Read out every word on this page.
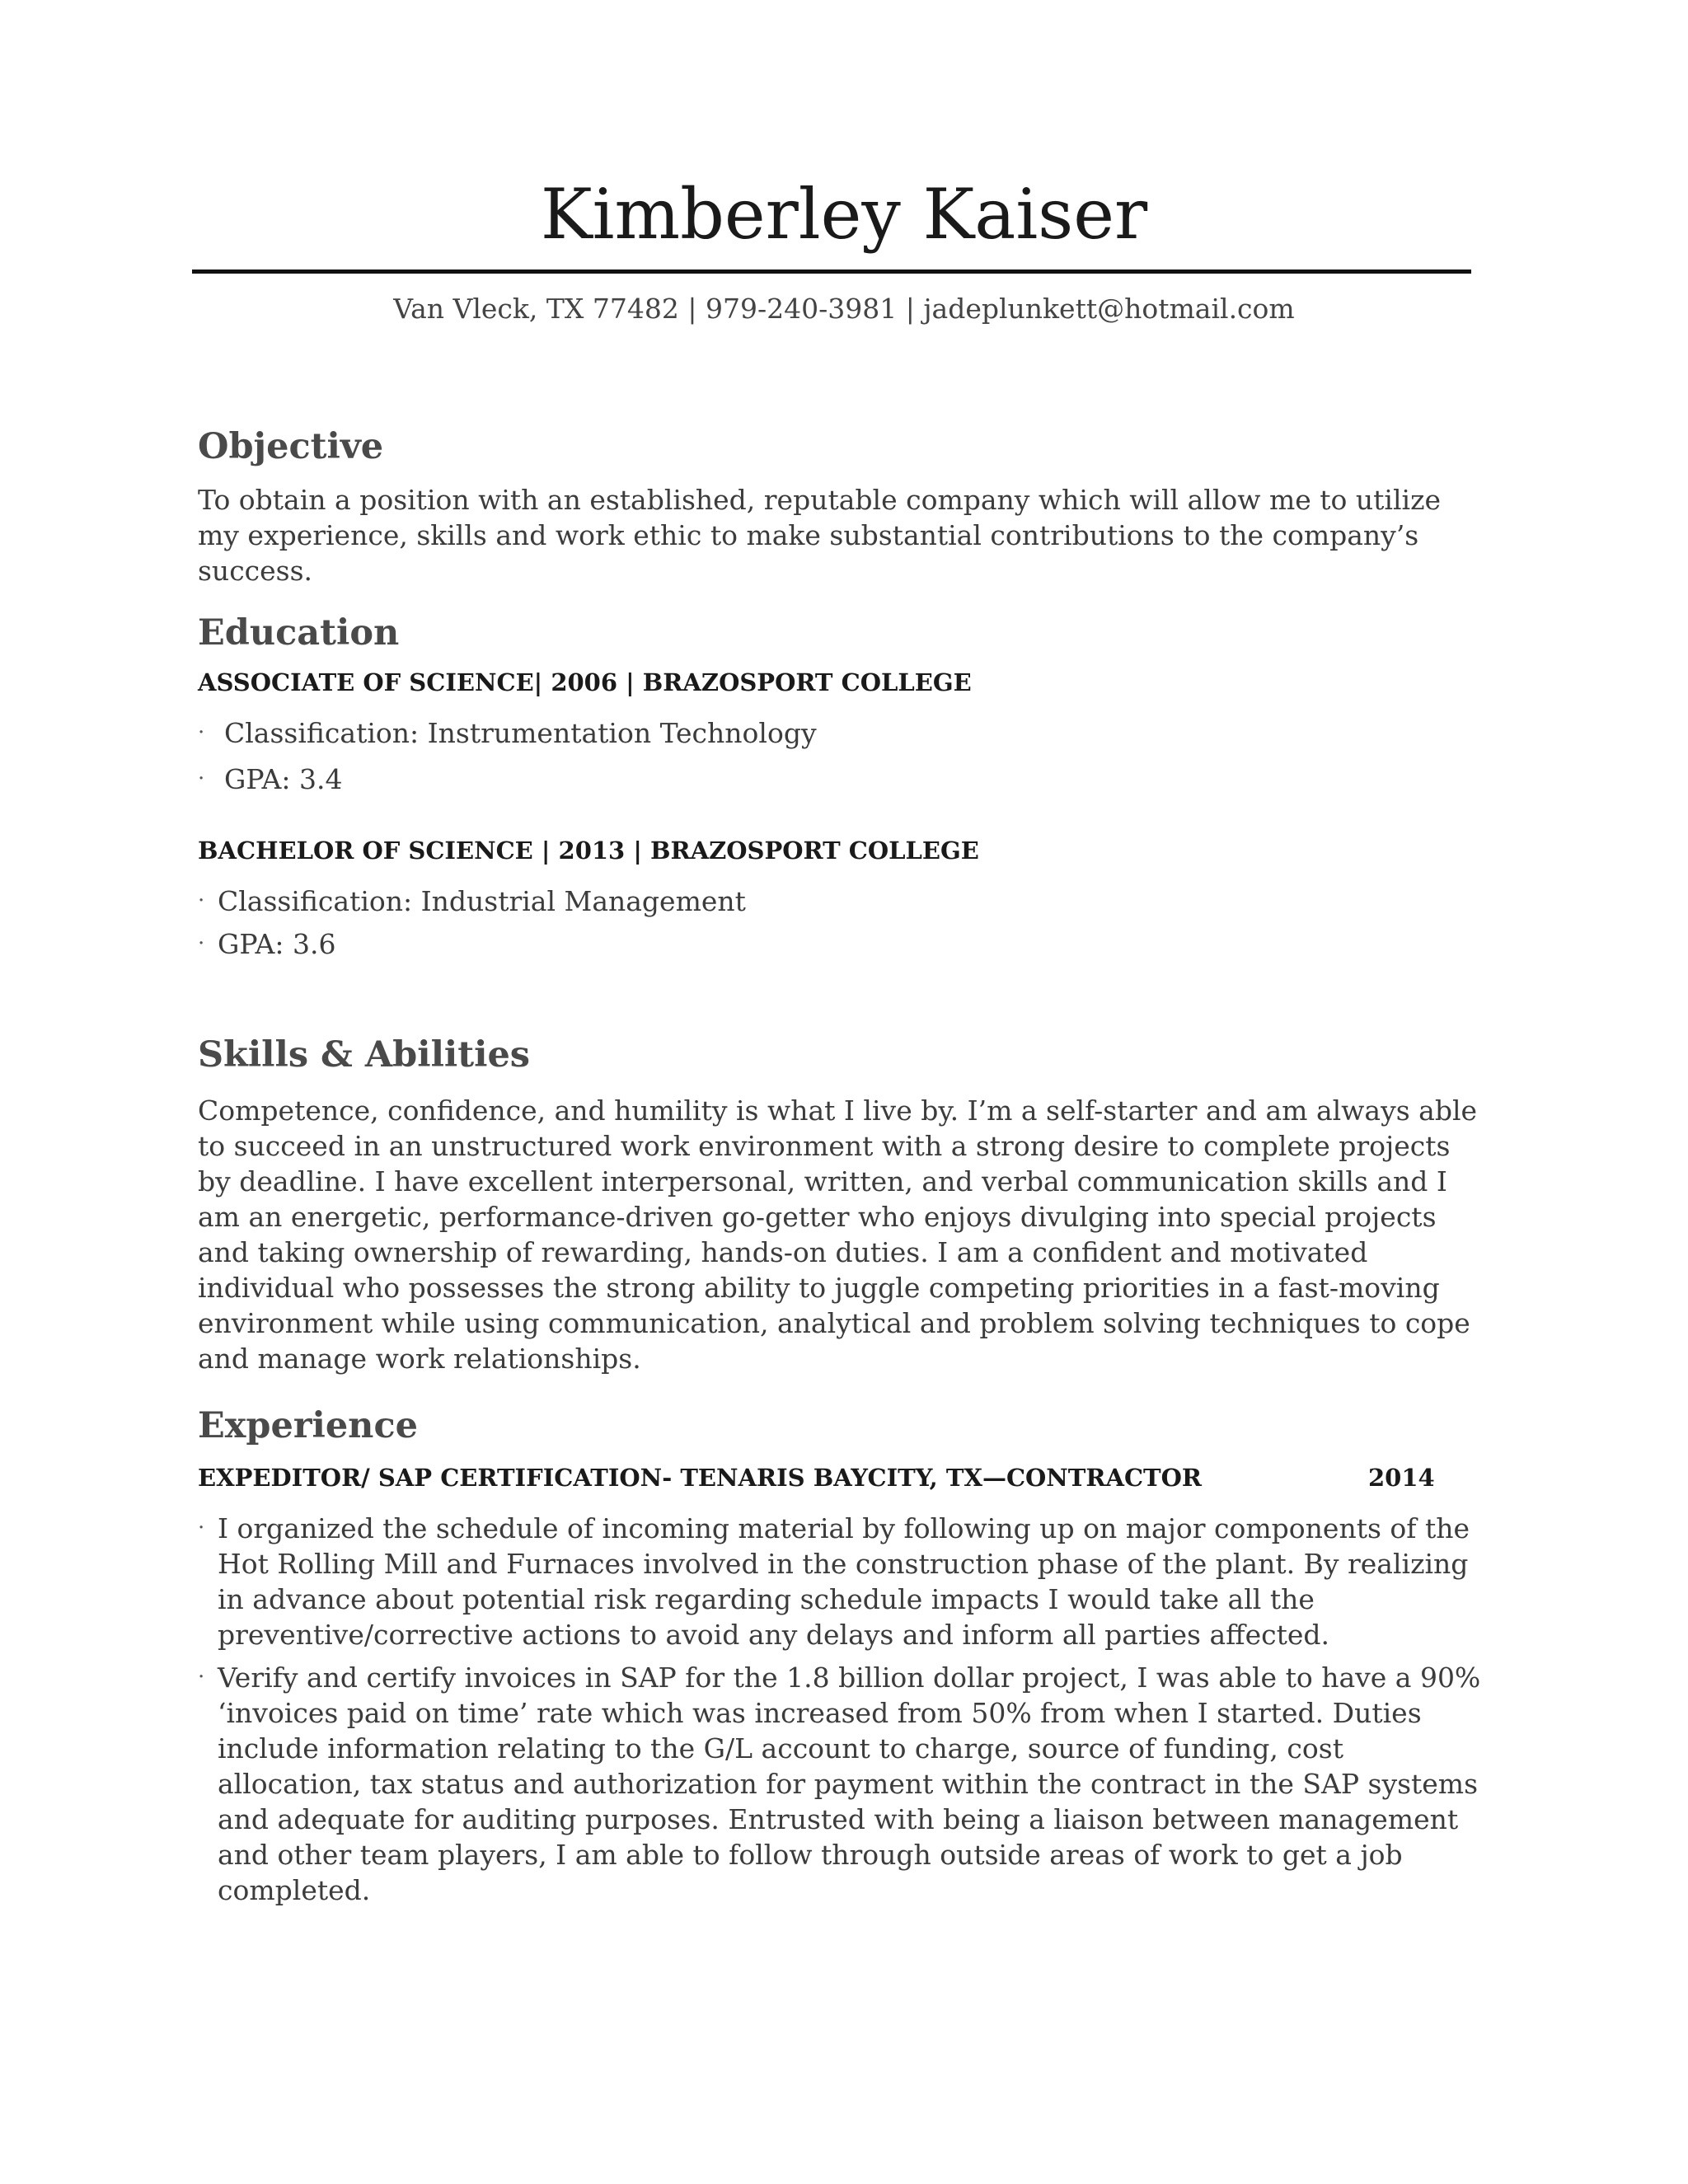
Kimberley Kaiser
Van Vleck, TX 77482 | 979-240-3981 | jadeplunkett@hotmail.com
Objective

To obtain a position with an established, reputable company which will allow me to utilize my experience, skills and work ethic to make substantial contributions to the company’s success.

Education
ASSOCIATE OF SCIENCE| 2006 | BRAZOSPORT COLLEGE
· Classification: Instrumentation Technology
· GPA: 3.4
BACHELOR OF SCIENCE | 2013 | BRAZOSPORT COLLEGE
· Classification: Industrial Management
· GPA: 3.6
Skills & Abilities

Competence, confidence, and humility is what I live by. I’m a self-starter and am always able to succeed in an unstructured work environment with a strong desire to complete projects by deadline. I have excellent interpersonal, written, and verbal communication skills and I am an energetic, performance-driven go-getter who enjoys divulging into special projects and taking ownership of rewarding, hands-on duties. I am a confident and motivated individual who possesses the strong ability to juggle competing priorities in a fast-moving environment while using communication, analytical and problem solving techniques to cope and manage work relationships.

Experience
EXPEDITOR/ SAP CERTIFICATION- TENARIS BAYCITY, TX—CONTRACTOR	2014
· I organized the schedule of incoming material by following up on major components of the Hot Rolling Mill and Furnaces involved in the construction phase of the plant. By realizing in advance about potential risk regarding schedule impacts I would take all the preventive/corrective actions to avoid any delays and inform all parties affected.
· Verify and certify invoices in SAP for the 1.8 billion dollar project, I was able to have a 90% ‘invoices paid on time’ rate which was increased from 50% from when I started. Duties include information relating to the G/L account to charge, source of funding, cost allocation, tax status and authorization for payment within the contract in the SAP systems and adequate for auditing purposes. Entrusted with being a liaison between management and other team players, I am able to follow through outside areas of work to get a job completed.
